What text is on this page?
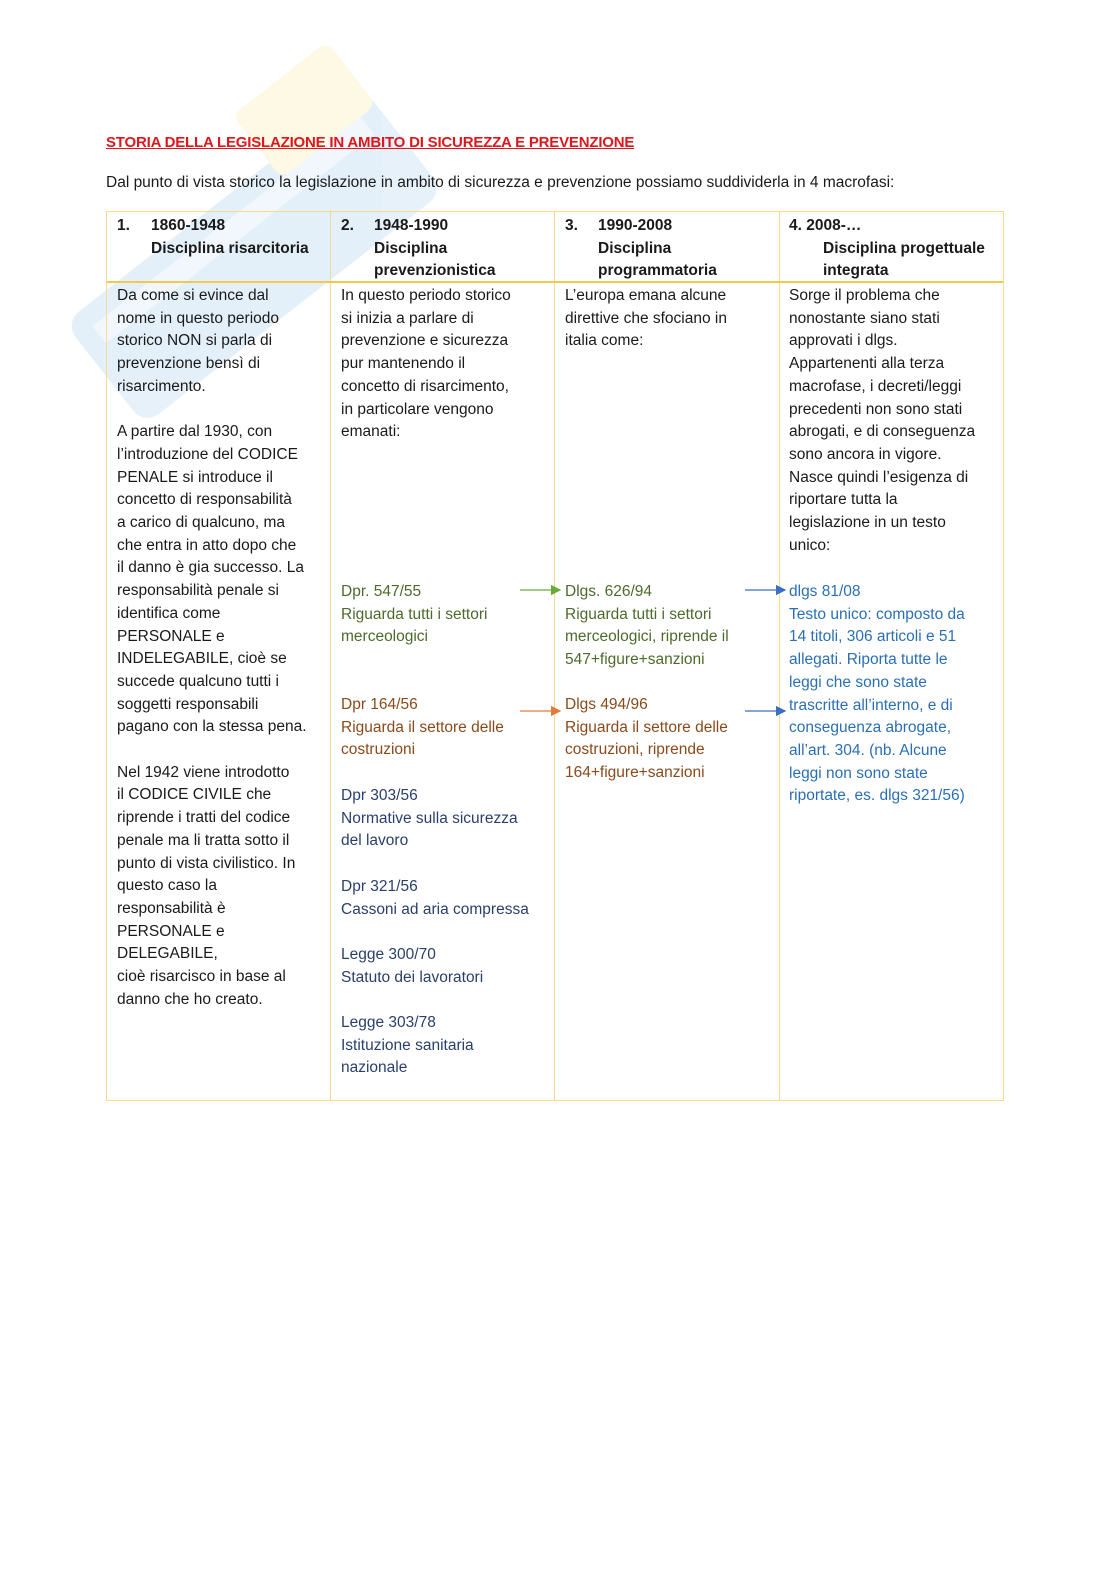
STORIA DELLA LEGISLAZIONE IN AMBITO DI SICUREZZA E PREVENZIONE
Dal punto di vista storico la legislazione in ambito di sicurezza e prevenzione possiamo suddividerla in 4 macrofasi:
1. 1860-1948
Disciplina risarcitoria
2. 1948-1990
Disciplina
prevenzionistica
3. 1990-2008
Disciplina
programmatoria
4. 2008-…
Disciplina progettuale
integrata

Da come si evince dal
nome in questo periodo
storico NON si parla di
prevenzione bensì di
risarcimento.

A partire dal 1930, con
l’introduzione del CODICE
PENALE si introduce il
concetto di responsabilità
a carico di qualcuno, ma
che entra in atto dopo che
il danno è gia successo. La
responsabilità penale si
identifica come
PERSONALE e
INDELEGABILE, cioè se
succede qualcuno tutti i
soggetti responsabili
pagano con la stessa pena.

Nel 1942 viene introdotto
il CODICE CIVILE che
riprende i tratti del codice
penale ma li tratta sotto il
punto di vista civilistico. In
questo caso la
responsabilità è
PERSONALE e DELEGABILE,
cioè risarcisco in base al
danno che ho creato.

In questo periodo storico
si inizia a parlare di
prevenzione e sicurezza
pur mantenendo il
concetto di risarcimento,
in particolare vengono
emanati:
Dpr. 547/55
Riguarda tutti i settori
merceologici
Dpr 164/56
Riguarda il settore delle
costruzioni
Dpr 303/56
Normative sulla sicurezza
del lavoro
Dpr 321/56
Cassoni ad aria compressa
Legge 300/70
Statuto dei lavoratori
Legge 303/78
Istituzione sanitaria
nazionale
L’europa emana alcune
direttive che sfociano in
italia come:
Dlgs. 626/94
Riguarda tutti i settori
merceologici, riprende il
547+figure+sanzioni
Dlgs 494/96
Riguarda il settore delle
costruzioni, riprende
164+figure+sanzioni
Sorge il problema che
nonostante siano stati
approvati i dlgs.
Appartenenti alla terza
macrofase, i decreti/leggi
precedenti non sono stati
abrogati, e di conseguenza
sono ancora in vigore.
Nasce quindi l’esigenza di
riportare tutta la
legislazione in un testo
unico:
dlgs 81/08
Testo unico: composto da
14 titoli, 306 articoli e 51
allegati. Riporta tutte le
leggi che sono state
trascritte all’interno, e di
conseguenza abrogate,
all’art. 304. (nb. Alcune
leggi non sono state
riportate, es. dlgs 321/56)
